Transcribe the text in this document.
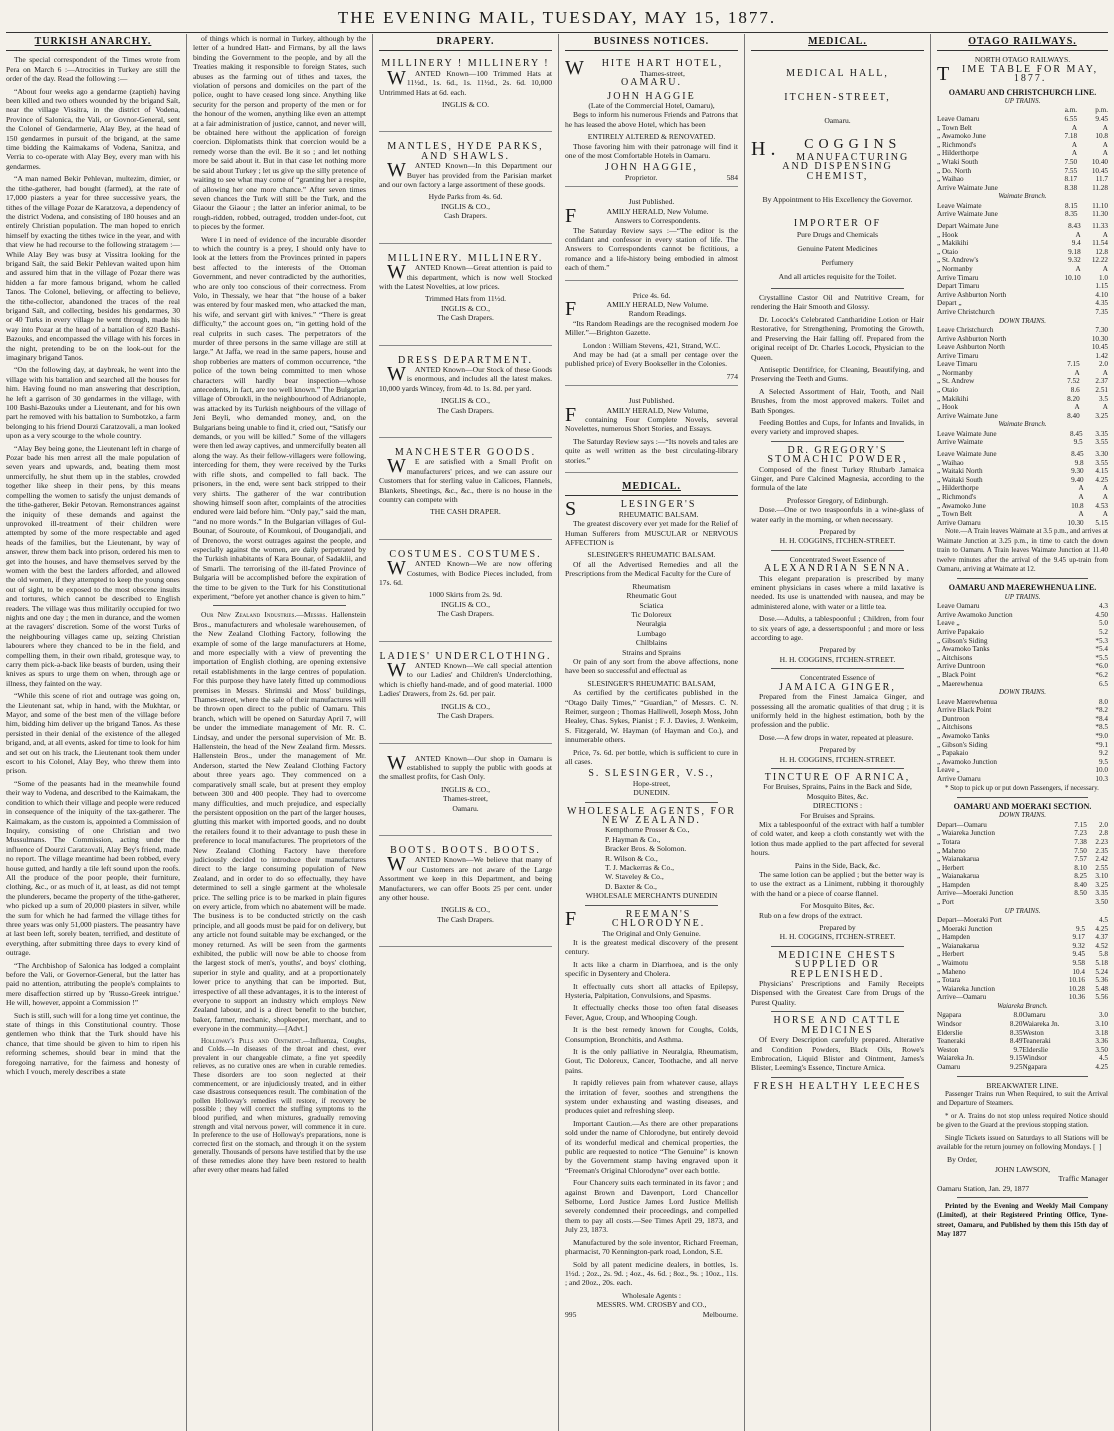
THE EVENING MAIL, TUESDAY, MAY 15, 1877.
TURKISH ANARCHY.

The special correspondent of the Times wrote from Pera on March 6 :—Atrocities in Turkey are still the order of the day. Read the following :—

“About four weeks ago a gendarme (zaptieh) having been killed and two others wounded by the brigand Saït, near the village Vissitra, in the district of Vodena, Province of Salonica, the Vali, or Govnor-General, sent the Colonel of Gendarmerie, Alay Bey, at the head of 150 gendarmes in pursuit of the brigand, at the same time bidding the Kaimakams of Vodena, Sanitza, and Verria to co-operate with Alay Bey, every man with his gendarmes.

“A man named Bekir Pehlevan, multezim, dimier, or the tithe-gatherer, had bought (farmed), at the rate of 17,000 piasters a year for three successive years, the tithes of the village Pozar de Karatzova, a dependency of the district Vodena, and consisting of 180 houses and an entirely Christian population. The man hoped to enrich himself by exacting the tithes twice in the year, and with that view he had recourse to the following stratagem :—While Alay Bey was busy at Vissitra looking for the brigand Saït, the said Bekir Pehlevan waited upon him and assured him that in the village of Pozar there was hidden a far more famous brigand, whom he called Tanos. The Colonel, believing, or affecting to believe, the tithe-collector, abandoned the traces of the real brigand Saït, and collecting, besides his gendarmes, 30 or 40 Turks in every village he went through, made his way into Pozar at the head of a battalion of 820 Bashi-Bazouks, and encompassed the village with his forces in the night, pretending to be on the look-out for the imaginary brigand Tanos.

“On the following day, at daybreak, he went into the village with his battalion and searched all the houses for him. Having found no man answering that description, he left a garrison of 30 gendarmes in the village, with 100 Bashi-Bazouks under a Lieutenant, and for his own part he removed with his battalion to Sumbotzko, a farm belonging to his friend Dourzi Caratzovali, a man looked upon as a very scourge to the whole country.

“Alay Bey being gone, the Lieutenant left in charge of Pozar bade his men arrest all the male population of seven years and upwards, and, beating them most unmercifully, he shut them up in the stables, crowded together like sheep in their pens, by this means compelling the women to satisfy the unjust demands of the tithe-gatherer, Bekir Petovan. Remonstrances against the iniquity of these demands and against the unprovoked ill-treatment of their children were attempted by some of the more respectable and aged heads of the families, but the Lieutenant, by way of answer, threw them back into prison, ordered his men to get into the houses, and have themselves served by the women with the best the larders afforded, and allowed the old women, if they attempted to keep the young ones out of sight, to be exposed to the most obscene insults and tortures, which cannot be described to English readers. The village was thus militarily occupied for two nights and one day ; the men in durance, and the women at the ravagers' discretion. Some of the worst Turks of the neighbouring villages came up, seizing Christian labourers where they chanced to be in the field, and compelling them, in their own ribald, grotesque way, to carry them pick-a-back like beasts of burden, using their knives as spurs to urge them on when, through age or illness, they fainted on the way.

“While this scene of riot and outrage was going on, the Lieutenant sat, whip in hand, with the Mukhtar, or Mayor, and some of the best men of the village before him, bidding him deliver up the brigand Tanos. As these persisted in their denial of the existence of the alleged brigand, and, at all events, asked for time to look for him and set out on his track, the Lieutenant took them under escort to his Colonel, Alay Bey, who threw them into prison.

“Some of the peasants had in the meanwhile found their way to Vodena, and described to the Kaimakam, the condition to which their village and people were reduced in consequence of the iniquity of the tax-gatherer. The Kaimakam, as the custom is, appointed a Commission of Inquiry, consisting of one Christian and two Mussulmans. The Commission, acting under the influence of Dourzi Caratzovali, Alay Bey's friend, made no report. The village meantime had been robbed, every house gutted, and hardly a tile left sound upon the roofs. All the produce of the poor people, their furniture, clothing, &c., or as much of it, at least, as did not tempt the plunderers, became the property of the tithe-gatherer, who picked up a sum of 20,000 piasters in silver, while the sum for which he had farmed the village tithes for three years was only 51,000 piasters. The peasantry have at last been left, sorely beaten, terrified, and destitute of everything, after submitting three days to every kind of outrage.

“The Archbishop of Salonica has lodged a complaint before the Vali, or Governor-General, but the latter has paid no attention, attributing the people's complaints to mere disaffection stirred up by 'Russo-Greek intrigue.' He will, however, appoint a Commission !”

Such is still, such will for a long time yet continue, the state of things in this Constitutional country. Those gentlemen who think that the Turk should have his chance, that time should be given to him to ripen his reforming schemes, should bear in mind that the foregoing narrative, for the fairness and honesty of which I vouch, merely describes a state

of things which is normal in Turkey, although by the letter of a hundred Hatt- and Firmans, by all the laws binding the Government to the people, and by all the Treaties making it responsible to foreign States, such abuses as the farming out of tithes and taxes, the violation of persons and domiciles on the part of the police, ought to have ceased long since. Anything like security for the person and property of the men or for the honour of the women, anything like even an attempt at a fair administration of justice, cannot, and never will, be obtained here without the application of foreign coercion. Diplomatists think that coercion would be a remedy worse than the evil. Be it so ; and let nothing more be said about it. But in that case let nothing more be said about Turkey ; let us give up the silly pretence of waiting to see what may come of “granting her a respite, of allowing her one more chance.” After seven times seven chances the Turk will still be the Turk, and the Giaour the Giaour ; the latter an inferior animal, to be rough-ridden, robbed, outraged, trodden under-foot, cut to pieces by the former.

Were I in need of evidence of the incurable disorder to which the country is a prey, I should only have to look at the letters from the Provinces printed in papers best affected to the interests of the Ottoman Government, and never contradicted by the authorities, who are only too conscious of their correctness. From Volo, in Thessaly, we hear that “the house of a baker was entered by four masked men, who attacked the man, his wife, and servant girl with knives.” “There is great difficulty,” the account goes on, “in getting hold of the real culprits in such cases. The perpetrators of the murder of three persons in the same village are still at large.” At Jaffa, we read in the same papers, house and shop robberies are matters of common occurrence, “the police of the town being committed to men whose characters will hardly bear inspection—whose antecedents, in fact, are too well known.” The Bulgarian village of Obroukli, in the neighbourhood of Adrianople, was attacked by its Turkish neighbours of the village of Jeni Beyli, who demanded money, and, on the Bulgarians being unable to find it, cried out, “Satisfy our demands, or you will be killed.” Some of the villagers were then led away captives, and unmercifully beaten all along the way. As their fellow-villagers were following, interceding for them, they were received by the Turks with rifle shots, and compelled to fall back. The prisoners, in the end, were sent back stripped to their very shirts. The gatherer of the war contribution showing himself soon after, complaints of the atrocities endured were laid before him. “Only pay,” said the man, “and no more words.” In the Bulgarian villages of Gul-Bounar, of Souroute, of Koumkoui, of Dougandjali, and of Drenovo, the worst outrages against the people, and especially against the women, are daily perpetrated by the Turkish inhabitants of Kara Bounar, of Sadaklii, and of Smarli. The terrorising of the ill-fated Province of Bulgaria will be accomplished before the expiration of the time to be given to the Turk for his Constitutional experiment, “before yet another chance is given to him.”

Our New Zealand Industries.—Messrs. Hallenstein Bros., manufacturers and wholesale warehousemen, of the New Zealand Clothing Factory, following the example of some of the large manufacturers at Home, and more especially with a view of preventing the importation of English clothing, are opening extensive retail establishments in the large centres of population. For this purpose they have lately fitted up commodious premises in Messrs. Shrimski and Moss' buildings, Thames-street, where the sale of their manufactures will be thrown open direct to the public of Oamaru. This branch, which will be opened on Saturday April 7, will be under the immediate management of Mr. R. C. Lindsay, and under the personal supervision of Mr. B. Hallenstein, the head of the New Zealand firm. Messrs. Hallenstein Bros., under the management of Mr. Anderson, started the New Zealand Clothing Factory about three years ago. They commenced on a comparatively small scale, but at present they employ between 300 and 400 people. They had to overcome many difficulties, and much prejudice, and especially the persistent opposition on the part of the larger houses, glutting this market with imported goods, and no doubt the retailers found it to their advantage to push these in preference to local manufactures. The proprietors of the New Zealand Clothing Factory have therefore judiciously decided to introduce their manufactures direct to the large consuming population of New Zealand, and in order to do so effectually, they have determined to sell a single garment at the wholesale price. The selling price is to be marked in plain figures on every article, from which no abatement will be made. The business is to be conducted strictly on the cash principle, and all goods must be paid for on delivery, but any article not found suitable may be exchanged, or the money returned. As will be seen from the garments exhibited, the public will now be able to choose from the largest stock of men's, youths', and boys' clothing, superior in style and quality, and at a proportionately lower price to anything that can be imported. But, irrespective of all these advantages, it is to the interest of everyone to support an industry which employs New Zealand labour, and is a direct benefit to the butcher, baker, farmer, mechanic, shopkeeper, merchant, and to everyone in the community.—[Advt.]

Holloway's Pills and Ointment.—Influenza, Coughs, and Colds.—In diseases of the throat and chest, ever prevalent in our changeable climate, a fine yet speedily relieves, as no curative ones are when in curable remedies. These disorders are too soon neglected at their commencement, or are injudiciously treated, and in either case disastrous consequences result. The combination of the pollen Holloway's remedies will restore, if recovery be possible ; they will correct the stuffing symptoms to the blood purified, and when mixtures, gradually removing strength and vital nervous power, will commence it in cure. In preference to the use of Holloway's preparations, none is corrected first on the stomach, and through it on the system generally. Thousands of persons have testified that by the use of these remedies alone they have been restored to health after every other means had failed

DRAPERY.
MILLINERY ! MILLINERY !

WANTED Known—100 Trimmed Hats at 11½d., 1s. 6d., 1s. 11½d., 2s. 6d. 10,000 Untrimmed Hats at 6d. each.

INGLIS & CO.
MANTLES, HYDE PARKS, AND SHAWLS.

WANTED Known—In this Department our Buyer has provided from the Parisian market and our own factory a large assortment of these goods.

Hyde Parks from 4s. 6d.
INGLIS & CO.,
Cash Drapers.
MILLINERY. MILLINERY.

WANTED Known—Great attention is paid to this department, which is now well Stocked with the Latest Novelties, at low prices.

Trimmed Hats from 11½d.
INGLIS & CO.,
The Cash Drapers.
DRESS DEPARTMENT.

WANTED Known—Our Stock of these Goods is enormous, and includes all the latest makes. 10,000 yards Wincey, from 4d. to 1s. 8d. per yard.

INGLIS & CO.,
The Cash Drapers.
MANCHESTER GOODS.

WE are satisfied with a Small Profit on manufacturers' prices, and we can assure our Customers that for sterling value in Calicoes, Flannels, Blankets, Sheetings, &c., &c., there is no house in the country can compete with

THE CASH DRAPER.
COSTUMES. COSTUMES.

WANTED Known—We are now offering Costumes, with Bodice Pieces included, from 17s. 6d.

1000 Skirts from 2s. 9d.
INGLIS & CO.,
The Cash Drapers.
LADIES' UNDERCLOTHING.

WANTED Known—We call special attention to our Ladies' and Children's Underclothing, which is chiefly hand-made, and of good material. 1000 Ladies' Drawers, from 2s. 6d. per pair.

INGLIS & CO.,
The Cash Drapers.

WANTED Known—Our shop in Oamaru is established to supply the public with goods at the smallest profits, for Cash Only.

INGLIS & CO.,
Thames-street,
Oamaru.
BOOTS. BOOTS. BOOTS.

WANTED Known—We believe that many of our Customers are not aware of the Large Assortment we keep in this Department, and being Manufacturers, we can offer Boots 25 per cent. under any other house.

INGLIS & CO.,
The Cash Drapers.
BUSINESS NOTICES.
WHITE HART HOTEL,
Thames-street,
OAMARU.
JOHN HAGGIE
(Late of the Commercial Hotel, Oamaru),

Begs to inform his numerous Friends and Patrons that he has leased the above Hotel, which has been

ENTIRELY ALTERED & RENOVATED.

Those favoring him with their patronage will find it one of the most Comfortable Hotels in Oamaru.

JOHN HAGGIE,
Proprietor.	584
Just Published.
FAMILY HERALD, New Volume.
Answers to Correspondents.

The Saturday Review says :—“The editor is the confidant and confessor in every station of life. The Answers to Correspondents cannot be fictitious, a romance and a life-history being embodied in almost each of them.”

Price 4s. 6d.
FAMILY HERALD, New Volume.
Random Readings.

“Its Random Readings are the recognised modern Joe Miller.”—Brighton Gazette.

London : William Stevens, 421, Strand, W.C.

And may be had (at a small per centage over the published price) of Every Bookseller in the Colonies.

774
Just Published.
FAMILY HERALD, New Volume,

containing Four Complete Novels, several Novelettes, numerous Short Stories, and Essays.

The Saturday Review says :—“Its novels and tales are quite as well written as the best circulating-library stories.”

MEDICAL.
SLESINGER'S
RHEUMATIC BALSAM.

The greatest discovery ever yet made for the Relief of Human Sufferers from MUSCULAR or NERVOUS AFFECTION is

SLESINGER'S RHEUMATIC BALSAM.

Of all the Advertised Remedies and all the Prescriptions from the Medical Faculty for the Cure of

Rheumatism
Rheumatic Gout
Sciatica
Tic Doloreux
Neuralgia
Lumbago
Chilblains
Strains and Sprains

Or pain of any sort from the above affections, none have been so successful and effectual as

SLESINGER'S RHEUMATIC BALSAM,

As certified by the certificates published in the “Otago Daily Times,” “Guardian,” of Messrs. C. N. Reimer, surgeon ; Thomas Halliwell, Joseph Moss, John Healey, Chas. Sykes, Pianist ; F. J. Davies, J. Wenkeim, S. Fitzgerald, W. Hayman (of Hayman and Co.), and innumerable others.

Price, 7s. 6d. per bottle, which is sufficient to cure in all cases.

S. SLESINGER, V.S.,
Hope-street,
DUNEDIN.
WHOLESALE AGENTS, FOR NEW ZEALAND.
Kempthorne Prosser & Co.,
P. Hayman & Co.,
Bracker Bros. & Solomon.
R. Wilson & Co.,
T. J. Mackerras & Co.,
W. Staveley & Co.,
D. Baxter & Co.,
WHOLESALE MERCHANTS DUNEDIN
FREEMAN'S CHLORODYNE.
The Original and Only Genuine.

It is the greatest medical discovery of the present century.

It acts like a charm in Diarrhoea, and is the only specific in Dysentery and Cholera.

It effectually cuts short all attacks of Epilepsy, Hysteria, Palpitation, Convulsions, and Spasms.

It effectually checks those too often fatal diseases Fever, Ague, Croup, and Whooping Cough.

It is the best remedy known for Coughs, Colds, Consumption, Bronchitis, and Asthma.

It is the only palliative in Neuralgia, Rheumatism, Gout, Tic Doloreux, Cancer, Toothache, and all nerve pains.

It rapidly relieves pain from whatever cause, allays the irritation of fever, soothes and strengthens the system under exhausting and wasting diseases, and produces quiet and refreshing sleep.

Important Caution.—As there are other preparations sold under the name of Chlorodyne, but entirely devoid of its wonderful medical and chemical properties, the public are requested to notice “The Genuine” is known by the Government stamp having engraved upon it “Freeman's Original Chlorodyne” over each bottle.

Four Chancery suits each terminated in its favor ; and against Brown and Davenport, Lord Chancellor Selborne, Lord Justice James Lord Justice Mellish severely condemned their proceedings, and compelled them to pay all costs.—See Times April 29, 1873, and July 23, 1873.

Manufactured by the sole inventor, Richard Freeman, pharmacist, 70 Kennington-park road, London, S.E.

Sold by all patent medicine dealers, in bottles, 1s. 1½d. ; 2oz., 2s. 9d. ; 4oz., 4s. 6d. ; 8oz., 9s. ; 10oz., 11s. ; and 20oz., 20s. each.

Wholesale Agents :
MESSRS. WM. CROSBY and CO.,
995	Melbourne.
MEDICAL.
MEDICAL HALL,
ITCHEN-STREET,
Oamaru.
H.COGGINS
MANUFACTURING AND DISPENSING CHEMIST,
By Appointment to His Excellency the Governor.
IMPORTER OF
Pure Drugs and Chemicals
Genuine Patent Medicines
Perfumery
And all articles requisite for the Toilet.

Crystalline Castor Oil and Nutritive Cream, for rendering the Hair Smooth and Glossy.

Dr. Locock's Celebrated Cantharidine Lotion or Hair Restorative, for Strengthening, Promoting the Growth, and Preserving the Hair falling off. Prepared from the original receipt of Dr. Charles Locock, Physician to the Queen.

Antiseptic Dentifrice, for Cleaning, Beautifying, and Preserving the Teeth and Gums.

A Selected Assortment of Hair, Tooth, and Nail Brushes, from the most approved makers. Toilet and Bath Sponges.

Feeding Bottles and Cups, for Infants and Invalids, in every variety and improved shapes.

DR. GREGORY'S
STOMACHIC POWDER,

Composed of the finest Turkey Rhubarb Jamaica Ginger, and Pure Calcined Magnesia, according to the formula of the late

Professor Gregory, of Edinburgh.

Dose.—One or two teaspoonfuls in a wine-glass of water early in the morning, or when necessary.

Prepared by
H. H. COGGINS, ITCHEN-STREET.
Concentrated Sweet Essence of
ALEXANDRIAN SENNA.

This elegant preparation is prescribed by many eminent physicians in cases where a mild laxative is needed. Its use is unattended with nausea, and may be administered alone, with water or a little tea.

Dose.—Adults, a tablespoonful ; Children, from four to six years of age, a dessertspoonful ; and more or less according to age.

Prepared by
H. H. COGGINS, ITCHEN-STREET.
Concentrated Essence of
JAMAICA GINGER,

Prepared from the Finest Jamaica Ginger, and possessing all the aromatic qualities of that drug ; it is uniformly held in the highest estimation, both by the profession and the public.

Dose.—A few drops in water, repeated at pleasure.

Prepared by
H. H. COGGINS, ITCHEN-STREET.
TINCTURE OF ARNICA,
For Bruises, Sprains, Pains in the Back and Side, Mosquito Bites, &c.
DIRECTIONS :
For Bruises and Sprains.

Mix a tablespoonful of the extract with half a tumbler of cold water, and keep a cloth constantly wet with the lotion thus made applied to the part affected for several hours.

Pains in the Side, Back, &c.

The same lotion can be applied ; but the better way is to use the extract as a Liniment, rubbing it thoroughly with the hand or a piece of coarse flannel.

For Mosquito Bites, &c.

Rub on a few drops of the extract.

Prepared by
H. H. COGGINS, ITCHEN-STREET.
MEDICINE CHESTS SUPPLIED OR REPLENISHED.

Physicians' Prescriptions and Family Receipts Dispensed with the Greatest Care from Drugs of the Purest Quality.

HORSE AND CATTLE MEDICINES

Of Every Description carefully prepared. Alterative and Condition Powders, Black Oils, Rowe's Embrocation, Liquid Blister and Ointment, James's Blister, Leeming's Essence, Tincture Arnica.

FRESH HEALTHY LEECHES
OTAGO RAILWAYS.
NORTH OTAGO RAILWAYS.
TIME TABLE FOR MAY, 1877.
OAMARU AND CHRISTCHURCH LINE.
UP TRAINS.
	a.m.	p.m.
Leave Oamaru	6.55	9.45
„ Town Belt	A	A
„ Awamoko June	7.18	10.8
„ Richmond's	A	A
„ Hilderthorpe	A	A
„ Wtaki South	7.50	10.40
„ Do. North	7.55	10.45
„ Waihao	8.17	11.7
Arrive Waimate June	8.38	11.28
Waimate Branch.
Leave Waimate	8.15	11.10
Arrive Waimate June	8.35	11.30
Depart Waimate June	8.43	11.33
„ Hook	A	A
„ Makikihi	9.4	11.54
„ Otaio	9.18	12.8
„ St. Andrew's	9.32	12.22
„ Normanby	A	A
Arrive Timaru	10.10	1.0
Depart Timaru		1.15
Arrive Ashburton North		4.10
Depart „		4.35
Arrive Christchurch		7.35
DOWN TRAINS.
Leave Christchurch		7.30
Arrive Ashburton North		10.30
Leave Ashburton North		10.45
Arrive Timaru		1.42
Leave Timaru	7.15	2.0
„ Normanby	A	A
„ St. Andrew	7.52	2.37
„ Otaio	8.6	2.51
„ Makikihi	8.20	3.5
„ Hook	A	A
Arrive Waimate June	8.40	3.25
Waimate Branch.
Leave Waimate June	8.45	3.35
Arrive Waimate	9.5	3.55
Leave Waimate June	8.45	3.30
„ Waihao	9.8	3.55
„ Waitaki North	9.30	4.15
„ Waitaki South	9.40	4.25
„ Hilderthorpe	A	A
„ Richmond's	A	A
„ Awamoko June	10.8	4.53
„ Town Belt	A	A
Arrive Oamaru	10.30	5.15

Note.—A Train leaves Waimate at 3.5 p.m., and arrives at Waimate Junction at 3.25 p.m., in time to catch the down train to Oamaru. A Train leaves Waimate Junction at 11.40 twelve minutes after the arrival of the 9.45 up-train from Oamaru, arriving at Waimate at 12.

OAMARU AND MAEREWHENUA LINE.
UP TRAINS.
Leave Oamaru		4.3
Arrive Awamoko Junction		4.50
Leave „		5.0
Arrive Papakaio		5.2
„ Gibson's Siding		*5.3
„ Awamoko Tanks		*5.4
„ Aitchisons		*5.5
Arrive Duntroon		*6.0
„ Black Point		*6.2
„ Maerewhenua		6.5
DOWN TRAINS.
Leave Maerewhenua		8.0
Arrive Black Point		*8.2
„ Duntroon		*8.4
„ Aitchisons		*8.5
„ Awamoko Tanks		*9.0
„ Gibson's Siding		*9.1
„ Papakaio		9.2
„ Awamoko Junction		9.5
Leave „		10.0
Arrive Oamaru		10.3

* Stop to pick up or put down Passengers, if necessary.

OAMARU AND MOERAKI SECTION.
DOWN TRAINS.
Depart—Oamaru	7.15	2.0
„ Waiareka Junction	7.23	2.8
„ Totara	7.38	2.23
„ Maheno	7.50	2.35
„ Waianakarua	7.57	2.42
„ Herbert	8.10	2.55
„ Waianakarua	8.25	3.10
„ Hampden	8.40	3.25
Arrive—Moeraki Junction	8.50	3.35
„ Port		3.50
UP TRAINS.
Depart—Moeraki Port		4.5
„ Moeraki Junction	9.5	4.25
„ Hampden	9.17	4.37
„ Waianakarua	9.32	4.52
„ Herbert	9.45	5.8
„ Waimotu	9.58	5.18
„ Maheno	10.4	5.24
„ Totara	10.16	5.36
„ Waiareka Junction	10.28	5.48
Arrive—Oamaru	10.36	5.56
Waiareka Branch.
Ngapara	8.0	Oamaru	3.0
Windsor	8.20	Waiareka Jn.	3.10
Elderslie	8.35	Weston	3.18
Teaneraki	8.49	Teaneraki	3.36
Weston	9.7	Elderslie	3.50
Waiareka Jn.	9.15	Windsor	4.5
Oamaru	9.25	Ngapara	4.25
BREAKWATER LINE.

Passenger Trains run When Required, to suit the Arrival and Departure of Steamers.

* or A. Trains do not stop unless required Notice should be given to the Guard at the previous stopping station.

Single Tickets issued on Saturdays to all Stations will be available for the return journey on following Mondays. [  ]

By Order,
JOHN LAWSON,
Traffic Manager
Oamaru Station, Jan. 29, 1877

Printed by the Evening and Weekly Mail Company (Limited), at their Registered Printing Office, Tyne-street, Oamaru, and Published by them this 15th day of May 1877
